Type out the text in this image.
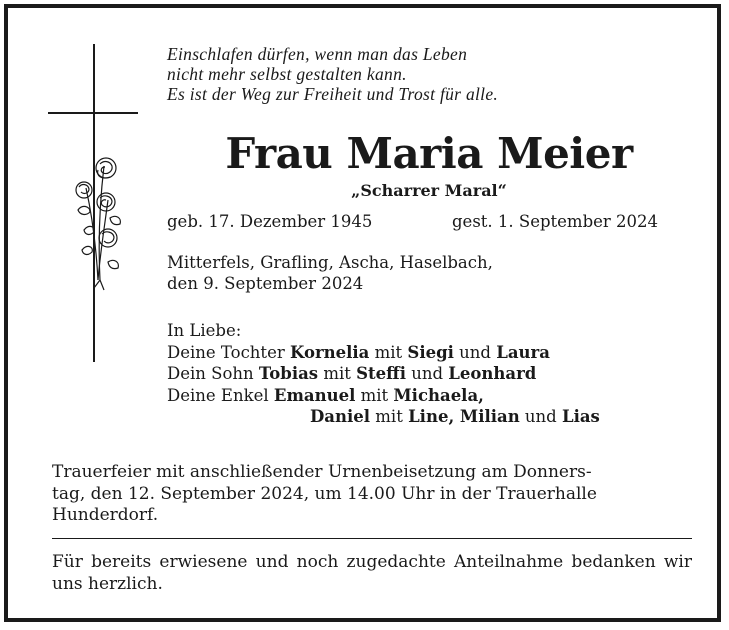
Einschlafen dürfen, wenn man das Leben
nicht mehr selbst gestalten kann.
Es ist der Weg zur Freiheit und Trost für alle.
Frau Maria Meier
„Scharrer Maral“
geb. 17. Dezember 1945	gest. 1. September 2024
Mitterfels, Grafling, Ascha, Haselbach,
den 9. September 2024
In Liebe:
Deine Tochter Kornelia mit Siegi und Laura
Dein Sohn Tobias mit Steffi und Leonhard
Deine Enkel Emanuel mit Michaela,
Daniel mit Line, Milian und Lias
Trauerfeier mit anschließender Urnenbeisetzung am Donners-
tag, den 12. September 2024, um 14.00 Uhr in der Trauerhalle
Hunderdorf.
Für bereits erwiesene und noch zugedachte Anteilnahme bedanken wir uns herzlich.
